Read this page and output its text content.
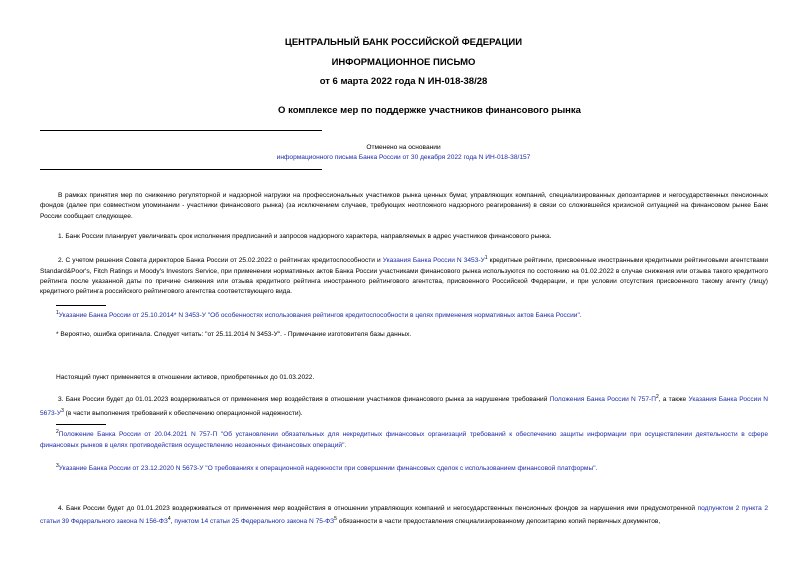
ЦЕНТРАЛЬНЫЙ БАНК РОССИЙСКОЙ ФЕДЕРАЦИИ
ИНФОРМАЦИОННОЕ ПИСЬМО
от 6 марта 2022 года N ИН-018-38/28
О комплексе мер по поддержке участников финансового рынка
Отменено на основании
информационного письма Банка России от 30 декабря 2022 года N ИН-018-38/157
В рамках принятия мер по снижению регуляторной и надзорной нагрузки на профессиональных участников рынка ценных бумаг, управляющих компаний, специализированных депозитариев и негосударственных пенсионных фондов (далее при совместном упоминании - участники финансового рынка) (за исключением случаев, требующих неотложного надзорного реагирования) в связи со сложившейся кризисной ситуацией на финансовом рынке Банк России сообщает следующее.
1. Банк России планирует увеличивать срок исполнения предписаний и запросов надзорного характера, направляемых в адрес участников финансового рынка.
2. С учетом решения Совета директоров Банка России от 25.02.2022 о рейтингах кредитоспособности и Указания Банка России N $3453-У^1$ кредитные рейтинги, присвоенные иностранными кредитными рейтинговыми агентствами Standard&Poor's, Fitch Ratings и Moody's Investors Service, при применении нормативных актов Банка России участниками финансового рынка используются по состоянию на 01.02.2022 в случае снижения или отзыва такого кредитного рейтинга после указанной даты по причине снижения или отзыва кредитного рейтинга иностранного рейтингового агентства, присвоенного Российской Федерации, и при условии отсутствия присвоенного такому агенту (лицу) кредитного рейтинга российского рейтингового агентства соответствующего вида.
$^1$Указание Банка России от 25.10.2014* N 3453-У "Об особенностях использования рейтингов кредитоспособности в целях применения нормативных актов Банка России".
* Вероятно, ошибка оригинала. Следует читать: "от 25.11.2014 N 3453-У". - Примечание изготовителя базы данных.
Настоящий пункт применяется в отношении активов, приобретенных до 01.03.2022.
3. Банк России будет до 01.01.2023 воздерживаться от применения мер воздействия в отношении участников финансового рынка за нарушение требований Положения Банка России N $757-П^2$, а также Указания Банка России N $5673-У^3$ (в части выполнения требований к обеспечению операционной надежности).
$^2$Положение Банка России от 20.04.2021 N 757-П "Об установлении обязательных для некредитных финансовых организаций требований к обеспечению защиты информации при осуществлении деятельности в сфере финансовых рынков в целях противодействия осуществлению незаконных финансовых операций".
$^3$Указание Банка России от 23.12.2020 N 5673-У "О требованиях к операционной надежности при совершении финансовых сделок с использованием финансовой платформы".
4. Банк России будет до 01.01.2023 воздерживаться от применения мер воздействия в отношении управляющих компаний и негосударственных пенсионных фондов за нарушения ими предусмотренной подпунктом 2 пункта 2 статьи 39 Федерального закона N $156-ФЗ^4$, пунктом 14 статьи 25 Федерального закона N $75-ФЗ^5$ обязанности в части предоставления специализированному депозитарию копий первичных документов,
